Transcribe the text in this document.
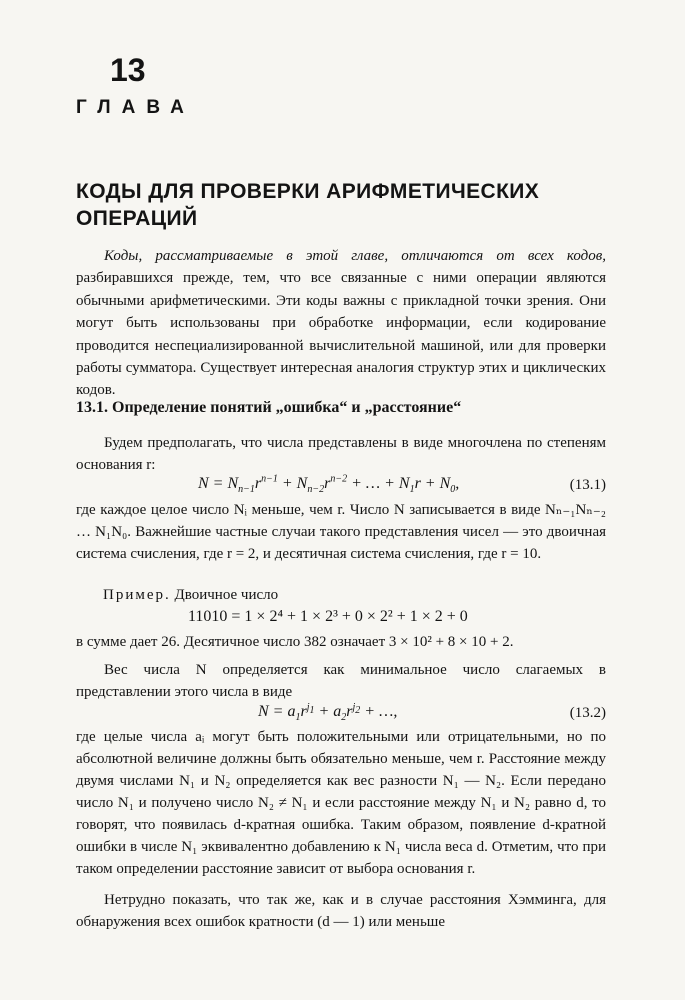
13
ГЛАВА
КОДЫ ДЛЯ ПРОВЕРКИ АРИФМЕТИЧЕСКИХ
ОПЕРАЦИЙ
Коды, рассматриваемые в этой главе, отличаются от всех кодов, разбиравшихся прежде, тем, что все связанные с ними операции являются обычными арифметическими. Эти коды важны с прикладной точки зрения. Они могут быть использованы при обработке информации, если кодирование проводится неспециализированной вычислительной машиной, или для проверки работы сумматора. Существует интересная аналогия структур этих и циклических кодов.
13.1. Определение понятий „ошибка“ и „расстояние“
Будем предполагать, что числа представлены в виде многочлена по степеням основания r:
$N = N_{n-1}r^{n-1} + N_{n-2}r^{n-2}$ + … + $N_1r + N_0$,	(13.1)
где каждое целое число Nᵢ меньше, чем r. Число N записывается в виде Nₙ₋₁Nₙ₋₂ … N₁N₀. Важнейшие частные случаи такого представления чисел — это двоичная система счисления, где r = 2, и десятичная система счисления, где r = 10.
Пример. Двоичное число
11010 = 1 × 2⁴ + 1 × 2³ + 0 × 2² + 1 × 2 + 0
в сумме дает 26. Десятичное число 382 означает 3 × 10² + 8 × 10 + 2.
Вес числа N определяется как минимальное число слагаемых в представлении этого числа в виде
$N = a_1r^{j_1} + a_2r^{j_2}$ + …,	(13.2)
где целые числа aᵢ могут быть положительными или отрицательными, но по абсолютной величине должны быть обязательно меньше, чем r. Расстояние между двумя числами N₁ и N₂ определяется как вес разности N₁ — N₂. Если передано число N₁ и получено число N₂ ≠ N₁ и если расстояние между N₁ и N₂ равно d, то говорят, что появилась d-кратная ошибка. Таким образом, появление d-кратной ошибки в числе N₁ эквивалентно добавлению к N₁ числа веса d. Отметим, что при таком определении расстояние зависит от выбора основания r.
Нетрудно показать, что так же, как и в случае расстояния Хэмминга, для обнаружения всех ошибок кратности (d — 1) или меньше
